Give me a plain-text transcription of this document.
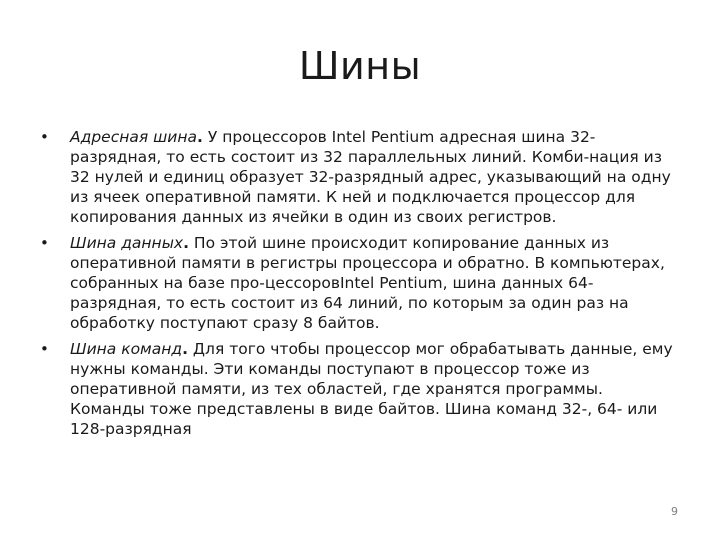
Шины
• Адресная шина. У процессоров Intel Pentium адресная шина 32-разрядная, то есть состоит из 32 параллельных линий. Комби-нация из 32 нулей и единиц образует 32-разрядный адрес, указывающий на одну из ячеек оперативной памяти. К ней и подключается процессор для копирования данных из ячейки в один из своих регистров.
• Шина данных. По этой шине происходит копирование данных из оперативной памяти в регистры процессора и обратно. В компьютерах, собранных на базе про-цессоровIntel Pentium, шина данных 64-разрядная, то есть состоит из 64 линий, по которым за один раз на обработку поступают сразу 8 байтов.
• Шина команд. Для того чтобы процессор мог обрабатывать данные, ему нужны команды. Эти команды поступают в процессор тоже из оперативной памяти, из тех областей, где хранятся программы. Команды тоже представлены в виде байтов. Шина команд 32-, 64- или 128-разрядная
9
